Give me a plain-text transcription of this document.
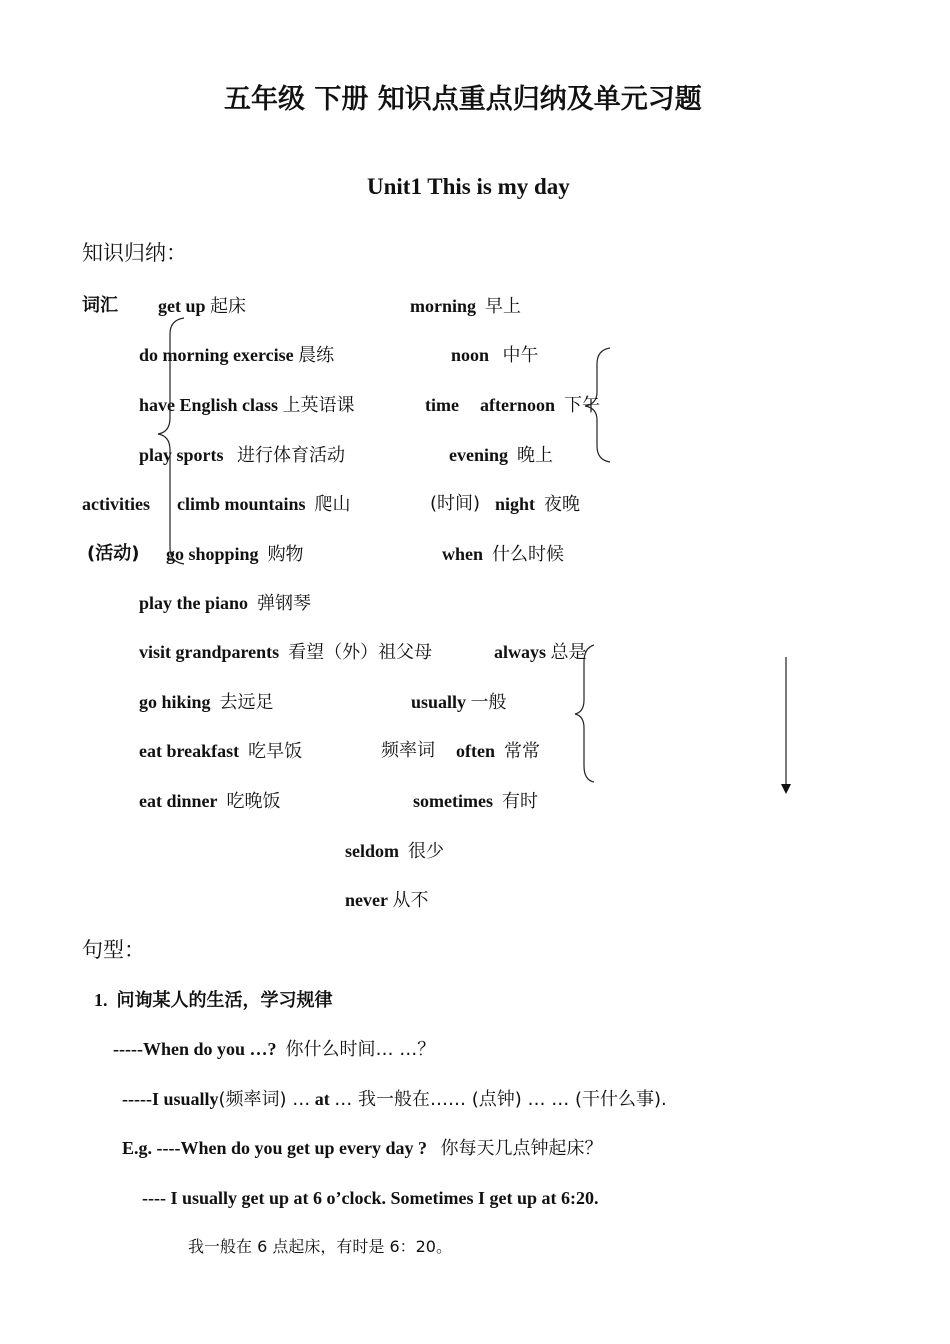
五年级 下册 知识点重点归纳及单元习题
Unit1 This is my day
知识归纳：
词汇 get up 起床
do morning exercise 晨练
have English class 上英语课
play sports 进行体育活动
activities climb mountains 爬山
(活动) go shopping 购物
play the piano 弹钢琴
visit grandparents 看望（外）祖父母
go hiking 去远足
eat breakfast 吃早饭
eat dinner 吃晚饭
morning 早上
noon 中午
time afternoon 下午
evening 晚上
(时间) night 夜晚
when 什么时候
always 总是
usually 一般
频率词 often 常常
sometimes 有时
seldom 很少
never 从不
句型：
1. 问询某人的生活，学习规律
-----When do you …? 你什么时间… …？
-----I usually(频率词) … at … 我一般在…… (点钟) … … (干什么事).
E.g. ----When do you get up every day ? 你每天几点钟起床？
---- I usually get up at 6 o’clock. Sometimes I get up at 6:20.
我一般在 6 点起床，有时是 6：20。
